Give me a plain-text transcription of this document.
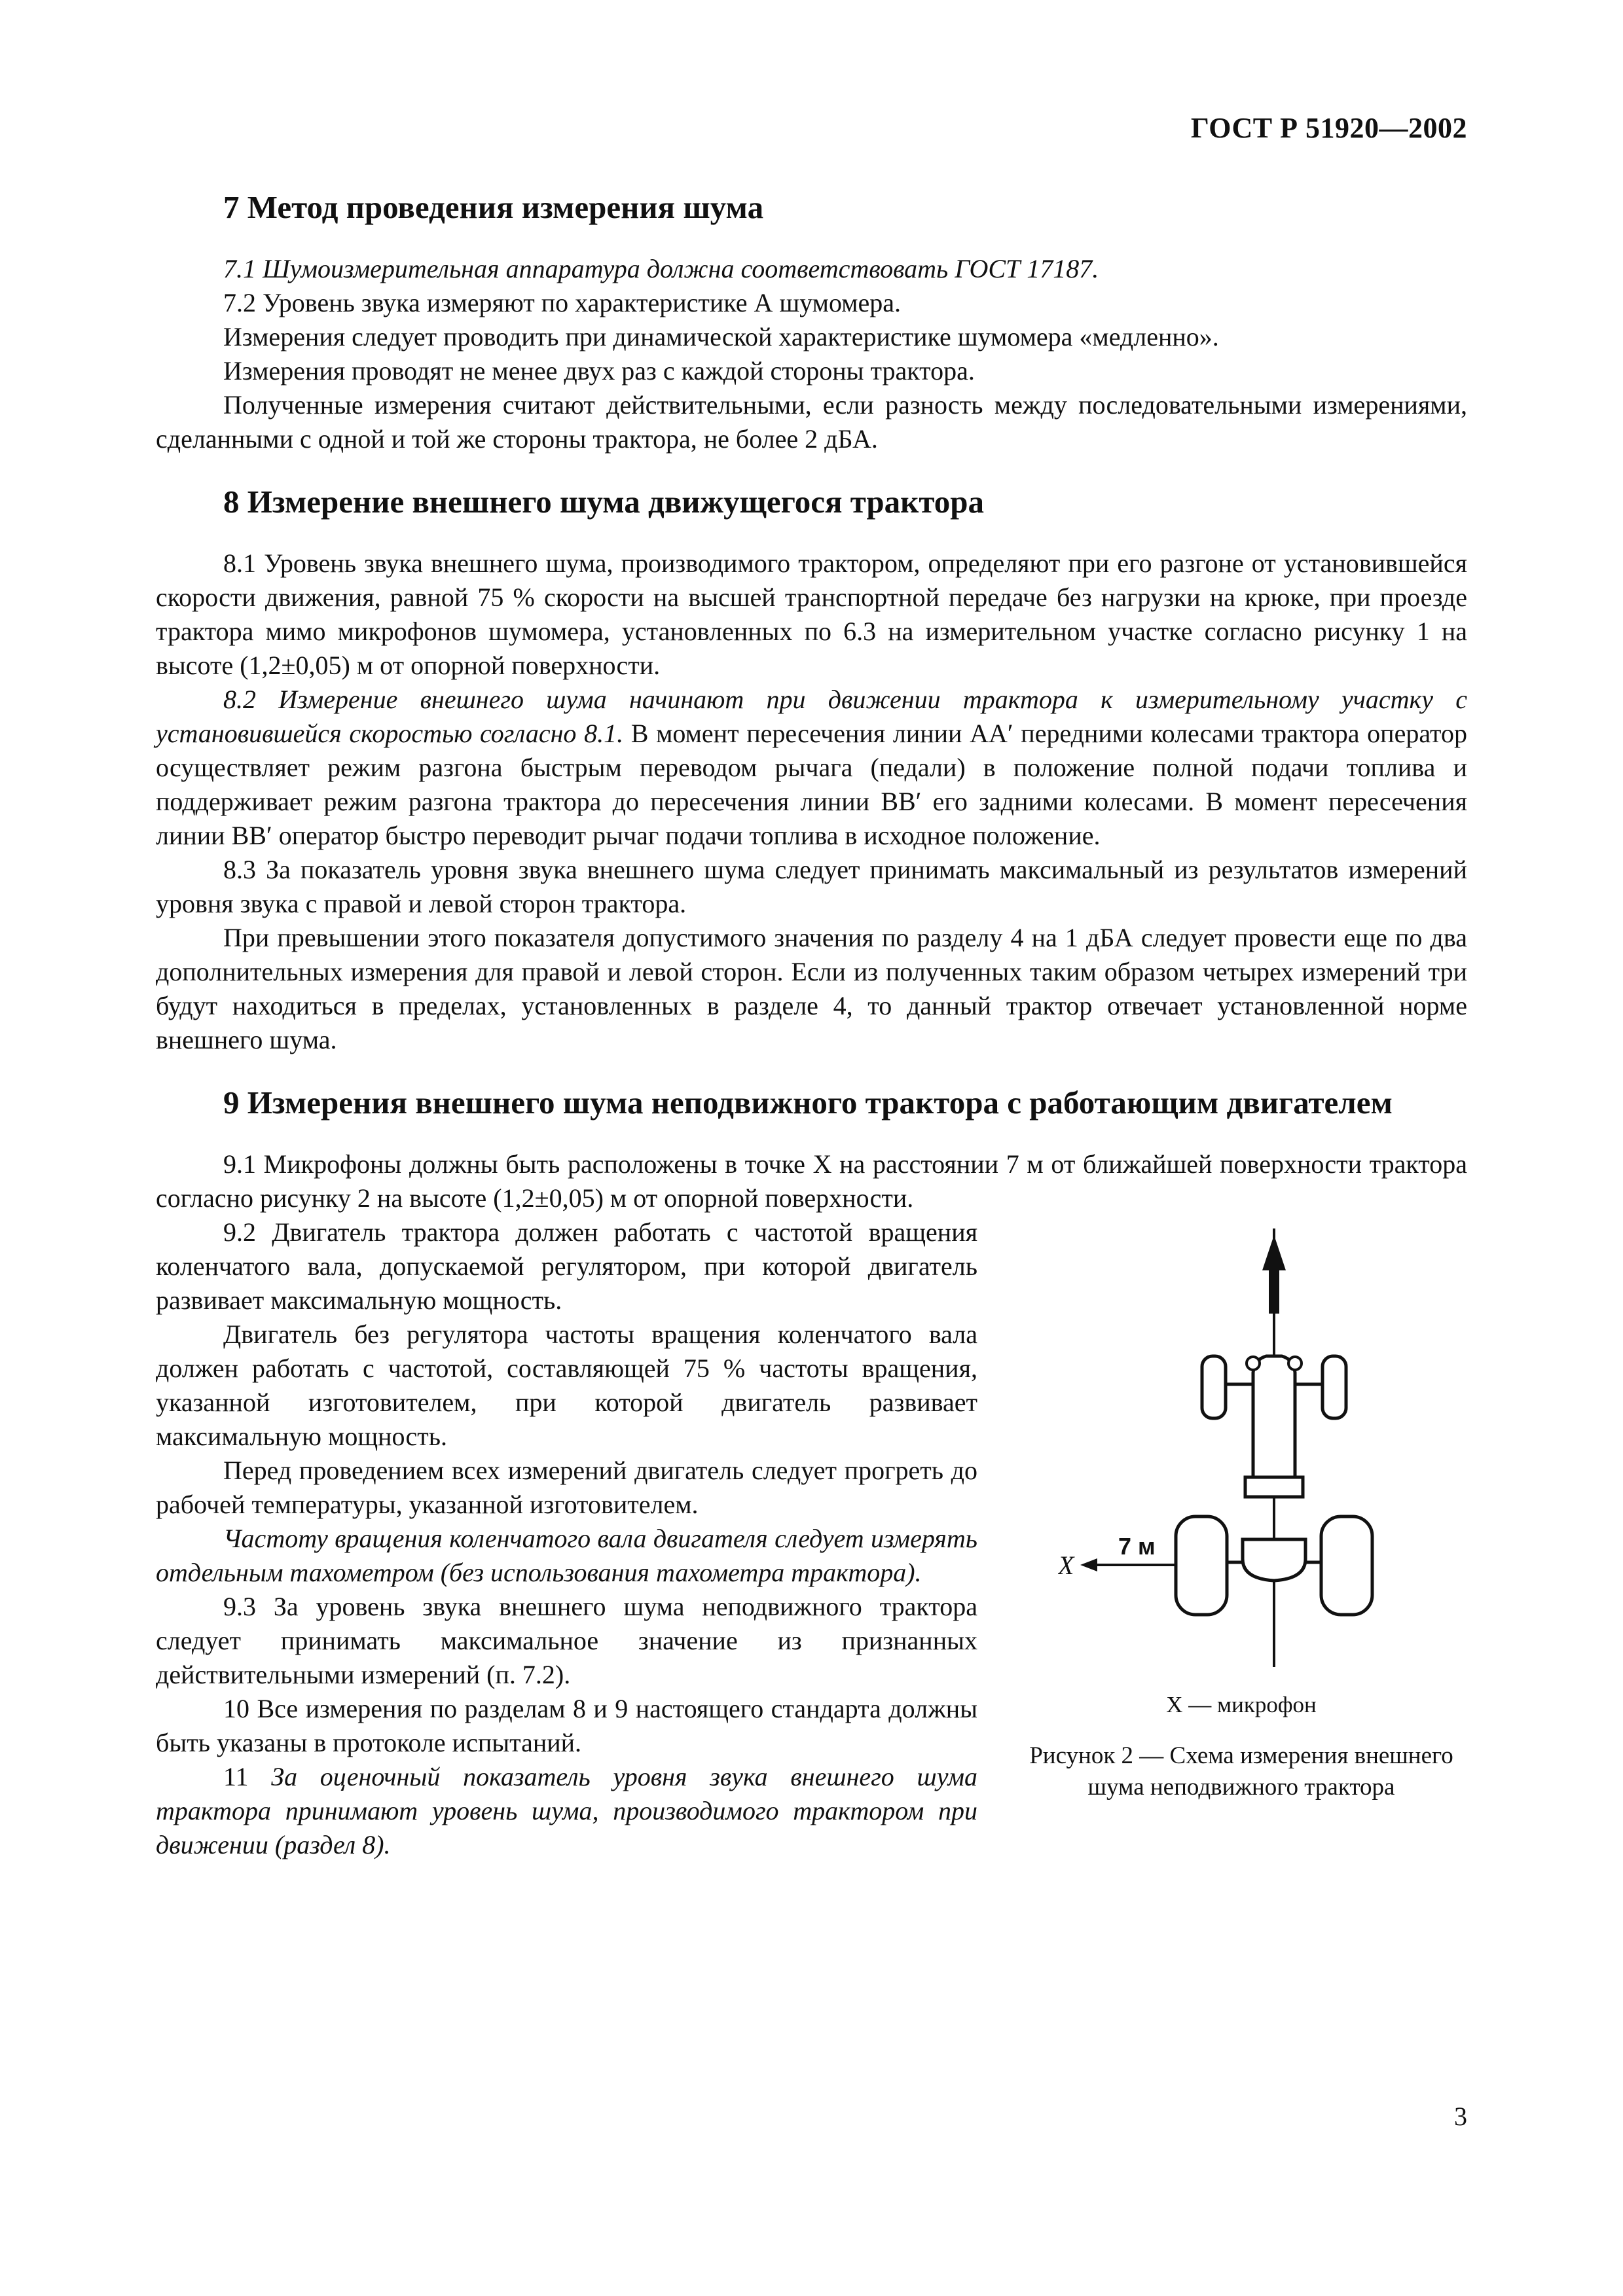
ГОСТ Р 51920—2002
7 Метод проведения измерения шума

7.1 Шумоизмерительная аппаратура должна соответствовать ГОСТ 17187.

7.2 Уровень звука измеряют по характеристике А шумомера.

Измерения следует проводить при динамической характеристике шумомера «медленно».

Измерения проводят не менее двух раз с каждой стороны трактора.

Полученные измерения считают действительными, если разность между последовательными измерениями, сделанными с одной и той же стороны трактора, не более 2 дБА.

8 Измерение внешнего шума движущегося трактора

8.1 Уровень звука внешнего шума, производимого трактором, определяют при его разгоне от установившейся скорости движения, равной 75 % скорости на высшей транспортной передаче без нагрузки на крюке, при проезде трактора мимо микрофонов шумомера, установленных по 6.3 на измерительном участке согласно рисунку 1 на высоте (1,2±0,05) м от опорной поверхности.

8.2 Измерение внешнего шума начинают при движении трактора к измерительному участку с установившейся скоростью согласно 8.1. В момент пересечения линии АА′ передними колесами трактора оператор осуществляет режим разгона быстрым переводом рычага (педали) в положение полной подачи топлива и поддерживает режим разгона трактора до пересечения линии ВВ′ его задними колесами. В момент пересечения линии ВВ′ оператор быстро переводит рычаг подачи топлива в исходное положение.

8.3 За показатель уровня звука внешнего шума следует принимать максимальный из результатов измерений уровня звука с правой и левой сторон трактора.

При превышении этого показателя допустимого значения по разделу 4 на 1 дБА следует провести еще по два дополнительных измерения для правой и левой сторон. Если из полученных таким образом четырех измерений три будут находиться в пределах, установленных в разделе 4, то данный трактор отвечает установленной норме внешнего шума.

9 Измерения внешнего шума неподвижного трактора с работающим двигателем

9.1 Микрофоны должны быть расположены в точке X на расстоянии 7 м от ближайшей поверхности трактора согласно рисунку 2 на высоте (1,2±0,05) м от опорной поверхности.

9.2 Двигатель трактора должен работать с частотой вращения коленчатого вала, допускаемой регулятором, при которой двигатель развивает максимальную мощность.

Двигатель без регулятора частоты вращения коленчатого вала должен работать с частотой, составляющей 75 % частоты вращения, указанной изготовителем, при которой двигатель развивает максимальную мощность.

Перед проведением всех измерений двигатель следует прогреть до рабочей температуры, указанной изготовителем.

Частоту вращения коленчатого вала двигателя следует измерять отдельным тахометром (без использования тахометра трактора).

9.3 За уровень звука внешнего шума неподвижного трактора следует принимать максимальное значение из признанных действительными измерений (п. 7.2).

10 Все измерения по разделам 8 и 9 настоящего стандарта должны быть указаны в протоколе испытаний.

11 За оценочный показатель уровня звука внешнего шума трактора принимают уровень шума, производимого трактором при движении (раздел 8).

X
7 м
X — микрофон
Рисунок 2 — Схема измерения внешнего шума неподвижного трактора
3
